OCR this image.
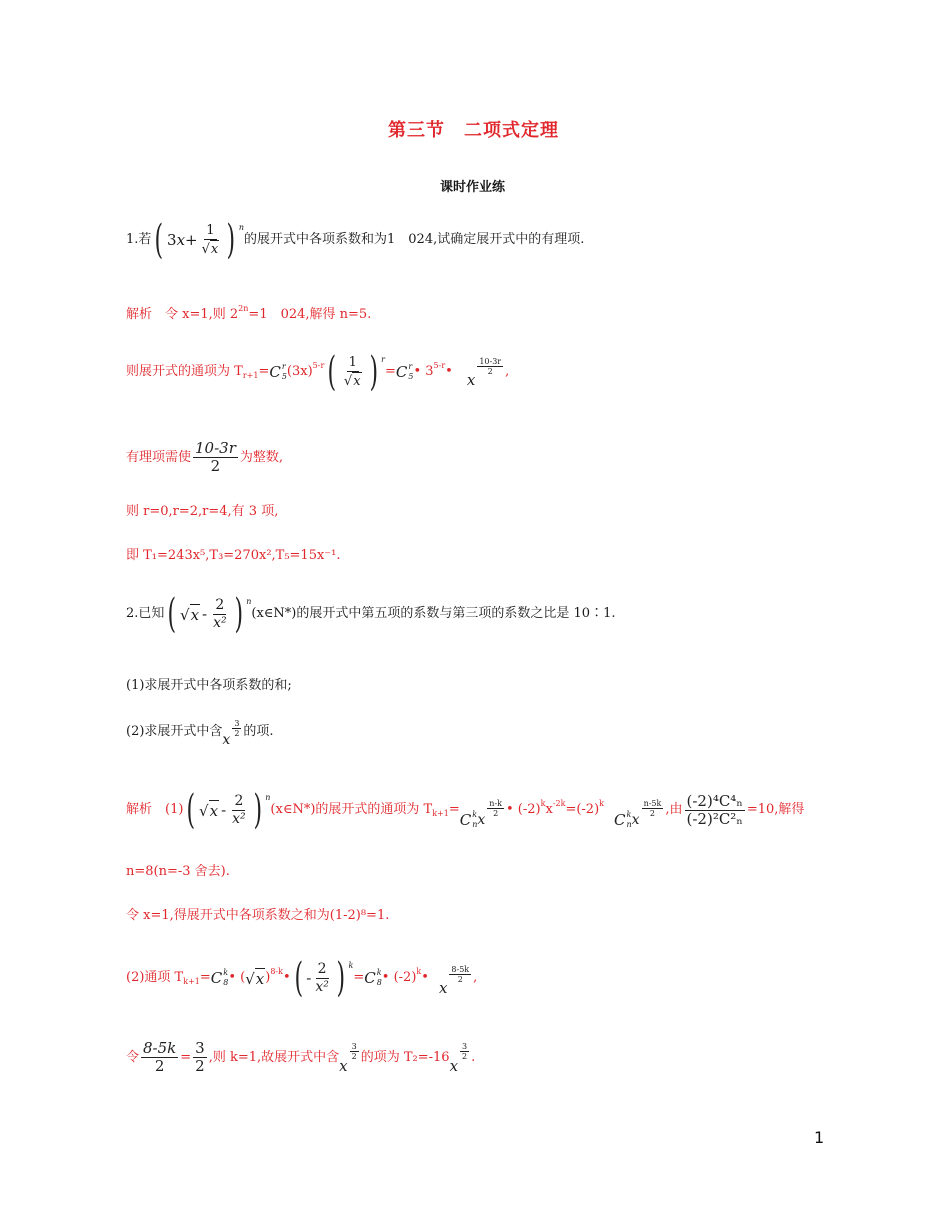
第三节　二项式定理
课时作业练
1.若 ( 3 $x + \frac{1}{√ x}$ ) n
的展开式中各项系数和为1　024,试确定展开式中的有理项.
解析　令 x=1,则 2 2n =1　024,解得 n=5.
则展开式的通项为 T r+1 = C r
5 (3x) 5-r ( $\frac{1}{√ x}$ ) r
= C r
5 • 3 5-r • x
$\frac{10-3r}{2}$ ,
有理项需使 $\frac{10-3r}{2}$ 为整数,
则 r=0,r=2,r=4,有 3 项,
即 T₁=243x⁵,T₃=270x²,T₅=15x⁻¹.
2.已知 ( √ x - $\frac{2}{\text{x²}}$ ) n
(x∈N*) 的展开式中第五项的系数与第三项的系数之比是 10∶1.
(1)求展开式中各项系数的和;
(2)求展开式中含
x
$\frac{3}{2}$ 的项.
解析　(1) ( √ x - $\frac{2}{\text{x²}}$ ) n
(x∈N*)的展开式的通项为 T k+1 =
C k
n x
$\frac{n-k}{2}$ • (-2) k x -2k =(-2) k
C k
n x
$\frac{n-5k}{2}$ ,由 $\frac{\text{(-2)⁴C⁴ₙ}}{\text{(-2)²C²ₙ}} =10$,解得
n=8(n=-3 舍去).
令 x=1,得展开式中各项系数之和为(1-2)⁸=1.
(2)通项 T k+1 = C k
8 • ( √ x ) 8-k • ( - $\frac{2}{\text{x²}}$ ) k
= C k
8 • (-2) k •
x
$\frac{8-5k}{2}$ ,
令 $\frac{8-5k}{2} = \frac{3}{2}$ ,则 k=1,故展开式中含 x
$\frac{3}{2}$ 的项为 T₂=-16 x
$\frac{3}{2}$ .
1
